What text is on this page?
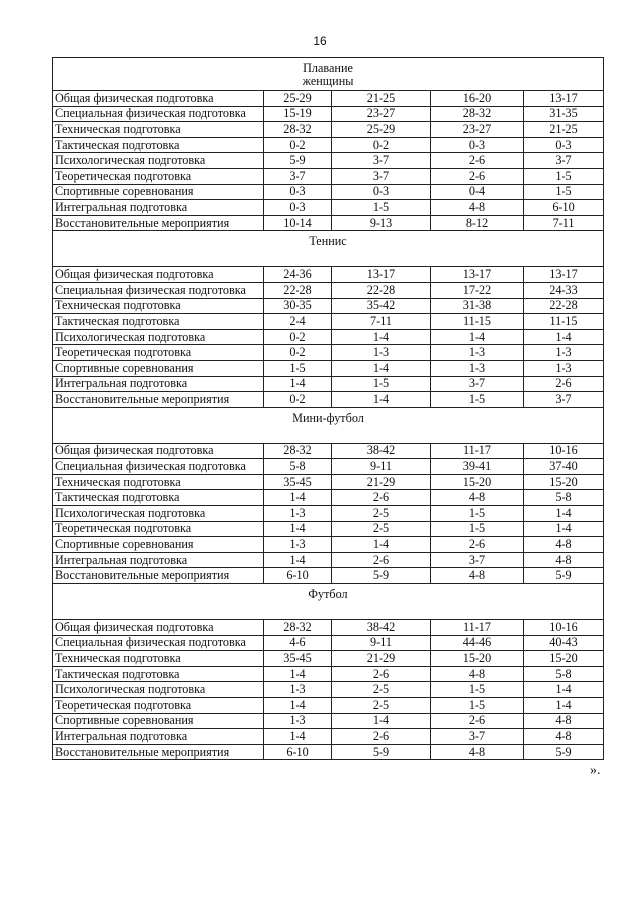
16
Плавание
женщины				

Общая физическая подготовка	25-29	21-25	16-20	13-17
Специальная физическая подготовка	15-19	23-27	28-32	31-35
Техническая подготовка	28-32	25-29	23-27	21-25
Тактическая подготовка	0-2	0-2	0-3	0-3
Психологическая подготовка	5-9	3-7	2-6	3-7
Теоретическая подготовка	3-7	3-7	2-6	1-5
Спортивные соревнования	0-3	0-3	0-4	1-5
Интегральная подготовка	0-3	1-5	4-8	6-10
Восстановительные мероприятия	10-14	9-13	8-12	7-11

Теннис				

Общая физическая подготовка	24-36	13-17	13-17	13-17
Специальная физическая подготовка	22-28	22-28	17-22	24-33
Техническая подготовка	30-35	35-42	31-38	22-28
Тактическая подготовка	2-4	7-11	11-15	11-15
Психологическая подготовка	0-2	1-4	1-4	1-4
Теоретическая подготовка	0-2	1-3	1-3	1-3
Спортивные соревнования	1-5	1-4	1-3	1-3
Интегральная подготовка	1-4	1-5	3-7	2-6
Восстановительные мероприятия	0-2	1-4	1-5	3-7

Мини-футбол				

Общая физическая подготовка	28-32	38-42	11-17	10-16
Специальная физическая подготовка	5-8	9-11	39-41	37-40
Техническая подготовка	35-45	21-29	15-20	15-20
Тактическая подготовка	1-4	2-6	4-8	5-8
Психологическая подготовка	1-3	2-5	1-5	1-4
Теоретическая подготовка	1-4	2-5	1-5	1-4
Спортивные соревнования	1-3	1-4	2-6	4-8
Интегральная подготовка	1-4	2-6	3-7	4-8
Восстановительные мероприятия	6-10	5-9	4-8	5-9

Футбол				

Общая физическая подготовка	28-32	38-42	11-17	10-16
Специальная физическая подготовка	4-6	9-11	44-46	40-43
Техническая подготовка	35-45	21-29	15-20	15-20
Тактическая подготовка	1-4	2-6	4-8	5-8
Психологическая подготовка	1-3	2-5	1-5	1-4
Теоретическая подготовка	1-4	2-5	1-5	1-4
Спортивные соревнования	1-3	1-4	2-6	4-8
Интегральная подготовка	1-4	2-6	3-7	4-8
Восстановительные мероприятия	6-10	5-9	4-8	5-9
».
